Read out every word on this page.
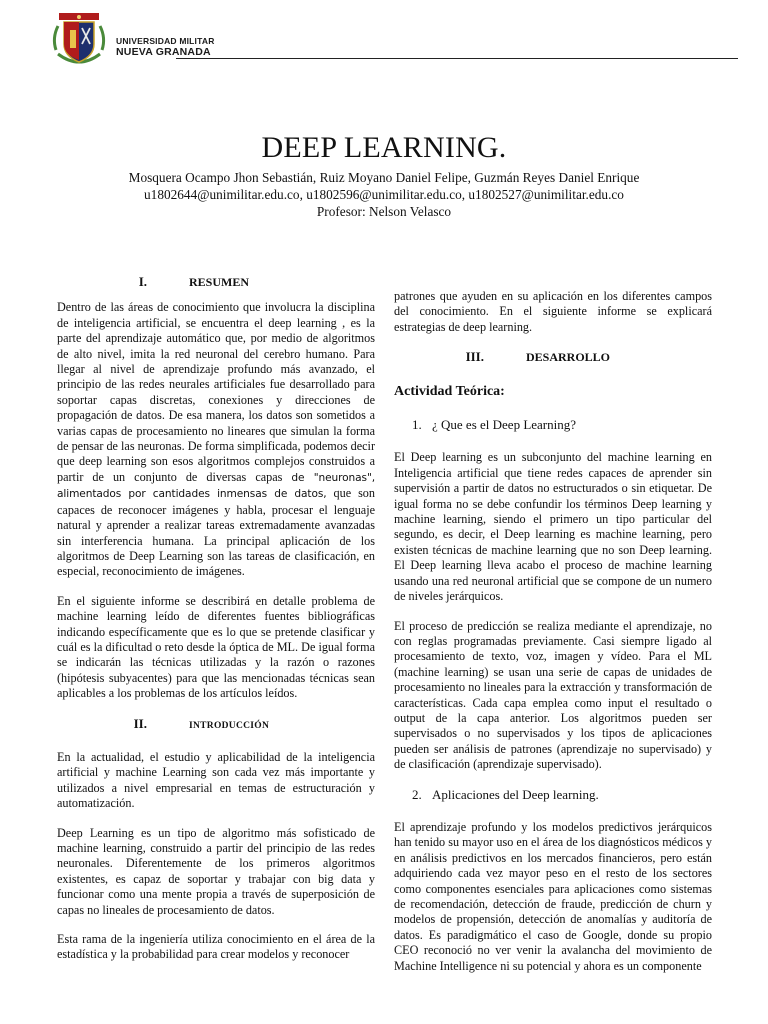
UNIVERSIDAD MILITAR
NUEVA GRANADA
DEEP LEARNING.
Mosquera Ocampo Jhon Sebastián, Ruiz Moyano Daniel Felipe, Guzmán Reyes Daniel Enrique
u1802644@unimilitar.edu.co, u1802596@unimilitar.edu.co, u1802527@unimilitar.edu.co
Profesor: Nelson Velasco
I.	RESUMEN

Dentro de las áreas de conocimiento que involucra la disciplina de inteligencia artificial, se encuentra el deep learning , es la parte del aprendizaje automático que, por medio de algoritmos de alto nivel, imita la red neuronal del cerebro humano. Para llegar al nivel de aprendizaje profundo más avanzado, el principio de las redes neurales artificiales fue desarrollado para soportar capas discretas, conexiones y direcciones de propagación de datos. De esa manera, los datos son sometidos a varias capas de procesamiento no lineares que simulan la forma de pensar de las neuronas. De forma simplificada, podemos decir que deep learning son esos algoritmos complejos construidos a partir de un conjunto de diversas capas de "neuronas", alimentados por cantidades inmensas de datos, que son capaces de reconocer imágenes y habla, procesar el lenguaje natural y aprender a realizar tareas extremadamente avanzadas sin interferencia humana. La principal aplicación de los algoritmos de Deep Learning son las tareas de clasificación, en especial, reconocimiento de imágenes.

En el siguiente informe se describirá en detalle problema de machine learning leído de diferentes fuentes bibliográficas indicando específicamente que es lo que se pretende clasificar y cuál es la dificultad o reto desde la óptica de ML. De igual forma se indicarán las técnicas utilizadas y la razón o razones (hipótesis subyacentes) para que las mencionadas técnicas sean aplicables a los problemas de los artículos leídos.

II.	INTRODUCCIÓN

En la actualidad, el estudio y aplicabilidad de la inteligencia artificial y machine Learning son cada vez más importante y utilizados a nivel empresarial en temas de estructuración y automatización.

Deep Learning es un tipo de algoritmo más sofisticado de machine learning, construido a partir del principio de las redes neuronales. Diferentemente de los primeros algoritmos existentes, es capaz de soportar y trabajar con big data y funcionar como una mente propia a través de superposición de capas no lineales de procesamiento de datos.

Esta rama de la ingeniería utiliza conocimiento en el área de la estadística y la probabilidad para crear modelos y reconocer

patrones que ayuden en su aplicación en los diferentes campos del conocimiento. En el siguiente informe se explicará estrategias de deep learning.

III.	DESARROLLO
Actividad Teórica:
1. ¿ Que es el Deep Learning?

El Deep learning es un subconjunto del machine learning en Inteligencia artificial que tiene redes capaces de aprender sin supervisión a partir de datos no estructurados o sin etiquetar. De igual forma no se debe confundir los términos Deep learning y machine learning, siendo el primero un tipo particular del segundo, es decir, el Deep learning es machine learning, pero existen técnicas de machine learning que no son Deep learning. El Deep learning lleva acabo el proceso de machine learning usando una red neuronal artificial que se compone de un numero de niveles jerárquicos.

El proceso de predicción se realiza mediante el aprendizaje, no con reglas programadas previamente. Casi siempre ligado al procesamiento de texto, voz, imagen y vídeo. Para el ML (machine learning) se usan una serie de capas de unidades de procesamiento no lineales para la extracción y transformación de características. Cada capa emplea como input el resultado o output de la capa anterior. Los algoritmos pueden ser supervisados o no supervisados y los tipos de aplicaciones pueden ser análisis de patrones (aprendizaje no supervisado) y de clasificación (aprendizaje supervisado).

2. Aplicaciones del Deep learning.

El aprendizaje profundo y los modelos predictivos jerárquicos han tenido su mayor uso en el área de los diagnósticos médicos y en análisis predictivos en los mercados financieros, pero están adquiriendo cada vez mayor peso en el resto de los sectores como componentes esenciales para aplicaciones como sistemas de recomendación, detección de fraude, predicción de churn y modelos de propensión, detección de anomalías y auditoría de datos. Es paradigmático el caso de Google, donde su propio CEO reconoció no ver venir la avalancha del movimiento de Machine Intelligence ni su potencial y ahora es un componente
